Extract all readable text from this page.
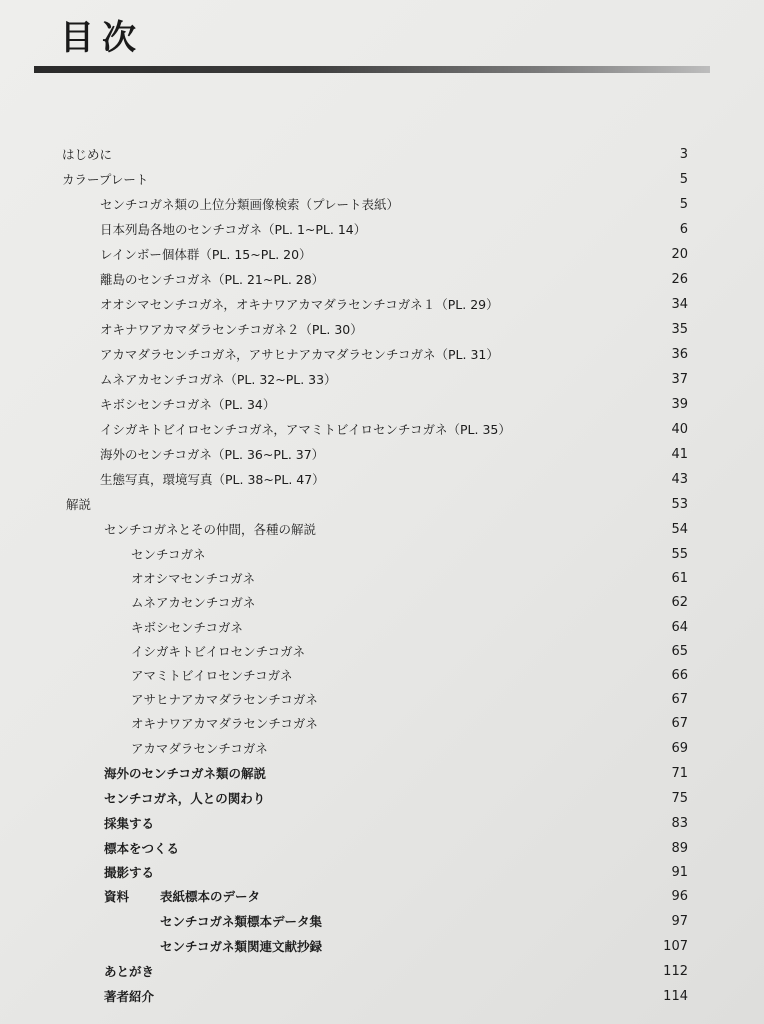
目次
はじめに	3
カラープレート	5
センチコガネ類の上位分類画像検索（プレート表紙）	5
日本列島各地のセンチコガネ（PL. 1~PL. 14）	6
レインボー個体群（PL. 15~PL. 20）	20
離島のセンチコガネ（PL. 21~PL. 28）	26
オオシマセンチコガネ，オキナワアカマダラセンチコガネ１（PL. 29）	34
オキナワアカマダラセンチコガネ２（PL. 30）	35
アカマダラセンチコガネ，アサヒナアカマダラセンチコガネ（PL. 31）	36
ムネアカセンチコガネ（PL. 32~PL. 33）	37
キボシセンチコガネ（PL. 34）	39
イシガキトビイロセンチコガネ，アマミトビイロセンチコガネ（PL. 35）	40
海外のセンチコガネ（PL. 36~PL. 37）	41
生態写真，環境写真（PL. 38~PL. 47）	43
解説	53
センチコガネとその仲間，各種の解説	54
センチコガネ	55
オオシマセンチコガネ	61
ムネアカセンチコガネ	62
キボシセンチコガネ	64
イシガキトビイロセンチコガネ	65
アマミトビイロセンチコガネ	66
アサヒナアカマダラセンチコガネ	67
オキナワアカマダラセンチコガネ	67
アカマダラセンチコガネ	69
海外のセンチコガネ類の解説	71
センチコガネ，人との関わり	75
採集する	83
標本をつくる	89
撮影する	91
資料	表紙標本のデータ	96
センチコガネ類標本データ集	97
センチコガネ類関連文献抄録	107
あとがき	112
著者紹介	114
